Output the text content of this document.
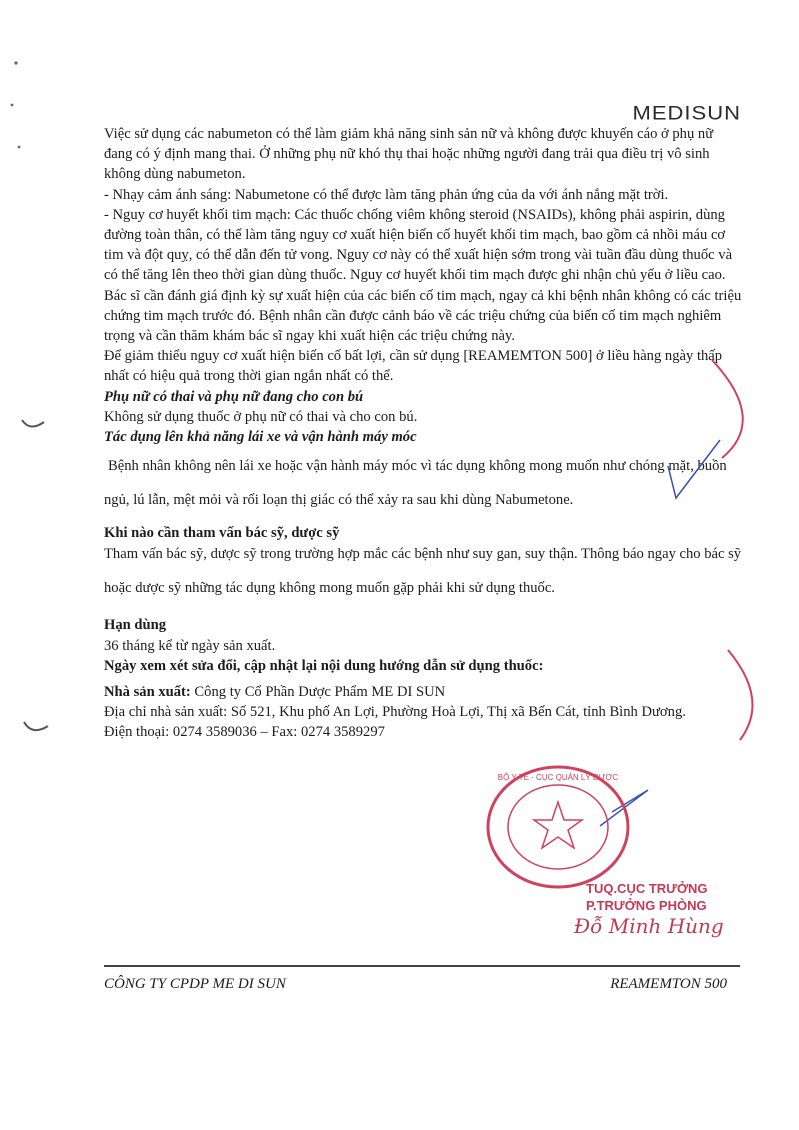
MEDISUN

Việc sử dụng các nabumeton có thể làm giảm khả năng sinh sản nữ và không được khuyến cáo ở phụ nữ đang có ý định mang thai. Ở những phụ nữ khó thụ thai hoặc những người đang trải qua điều trị vô sinh không dùng nabumeton.

- Nhạy cảm ánh sáng: Nabumetone có thể được làm tăng phản ứng của da với ánh nắng mặt trời.

- Nguy cơ huyết khối tim mạch: Các thuốc chống viêm không steroid (NSAIDs), không phải aspirin, dùng đường toàn thân, có thể làm tăng nguy cơ xuất hiện biến cố huyết khối tim mạch, bao gồm cả nhồi máu cơ tim và đột quỵ, có thể dẫn đến tử vong. Nguy cơ này có thể xuất hiện sớm trong vài tuần đầu dùng thuốc và có thể tăng lên theo thời gian dùng thuốc. Nguy cơ huyết khối tim mạch được ghi nhận chủ yếu ở liều cao.

Bác sĩ cần đánh giá định kỳ sự xuất hiện của các biến cố tim mạch, ngay cả khi bệnh nhân không có các triệu chứng tim mạch trước đó. Bệnh nhân cần được cảnh báo về các triệu chứng của biến cố tim mạch nghiêm trọng và cần thăm khám bác sĩ ngay khi xuất hiện các triệu chứng này.

Để giảm thiểu nguy cơ xuất hiện biến cố bất lợi, cần sử dụng [REAMEMTON 500] ở liều hàng ngày thấp nhất có hiệu quả trong thời gian ngắn nhất có thể.

Phụ nữ có thai và phụ nữ đang cho con bú

Không sử dụng thuốc ở phụ nữ có thai và cho con bú.

Tác dụng lên khả năng lái xe và vận hành máy móc

Bệnh nhân không nên lái xe hoặc vận hành máy móc vì tác dụng không mong muốn như chóng mặt, buồn ngủ, lú lẫn, mệt mỏi và rối loạn thị giác có thể xảy ra sau khi dùng Nabumetone.

Khi nào cần tham vấn bác sỹ, dược sỹ

Tham vấn bác sỹ, dược sỹ trong trường hợp mắc các bệnh như suy gan, suy thận. Thông báo ngay cho bác sỹ hoặc dược sỹ những tác dụng không mong muốn gặp phải khi sử dụng thuốc.

Hạn dùng

36 tháng kể từ ngày sản xuất.

Ngày xem xét sửa đổi, cập nhật lại nội dung hướng dẫn sử dụng thuốc:

Nhà sản xuất: Công ty Cổ Phần Dược Phẩm ME DI SUN

Địa chỉ nhà sản xuất: Số 521, Khu phố An Lợi, Phường Hoà Lợi, Thị xã Bến Cát, tỉnh Bình Dương.

Điện thoại: 0274 3589036 – Fax: 0274 3589297

BỘ Y TẾ · CỤC QUẢN LÝ DƯỢC
TUQ.CỤC TRƯỞNG
P.TRƯỞNG PHÒNG
Đỗ Minh Hùng
CÔNG TY CPDP ME DI SUN	REAMEMTON 500
